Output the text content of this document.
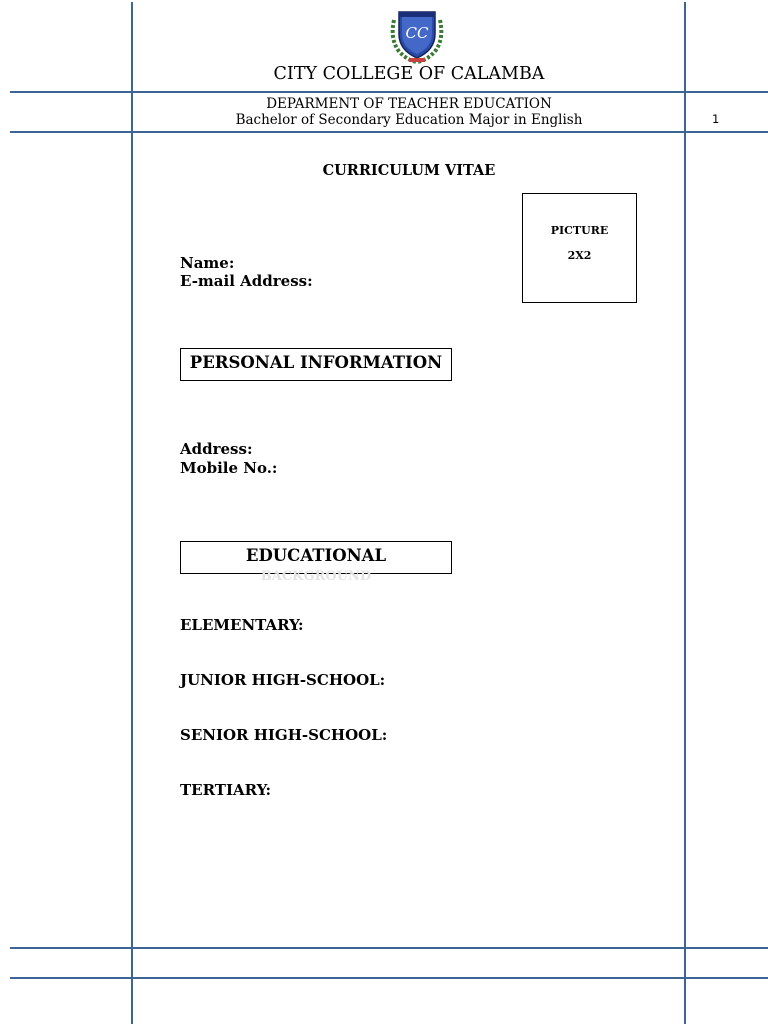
CC
CITY COLLEGE OF CALAMBA
DEPARMENT OF TEACHER EDUCATION
Bachelor of Secondary Education Major in English	1
CURRICULUM VITAE
PICTURE
2X2
Name:
E-mail Address:
PERSONAL INFORMATION
Address:
Mobile No.:
EDUCATIONAL
BACKGROUND
ELEMENTARY:
JUNIOR HIGH-SCHOOL:
SENIOR HIGH-SCHOOL:
TERTIARY:
